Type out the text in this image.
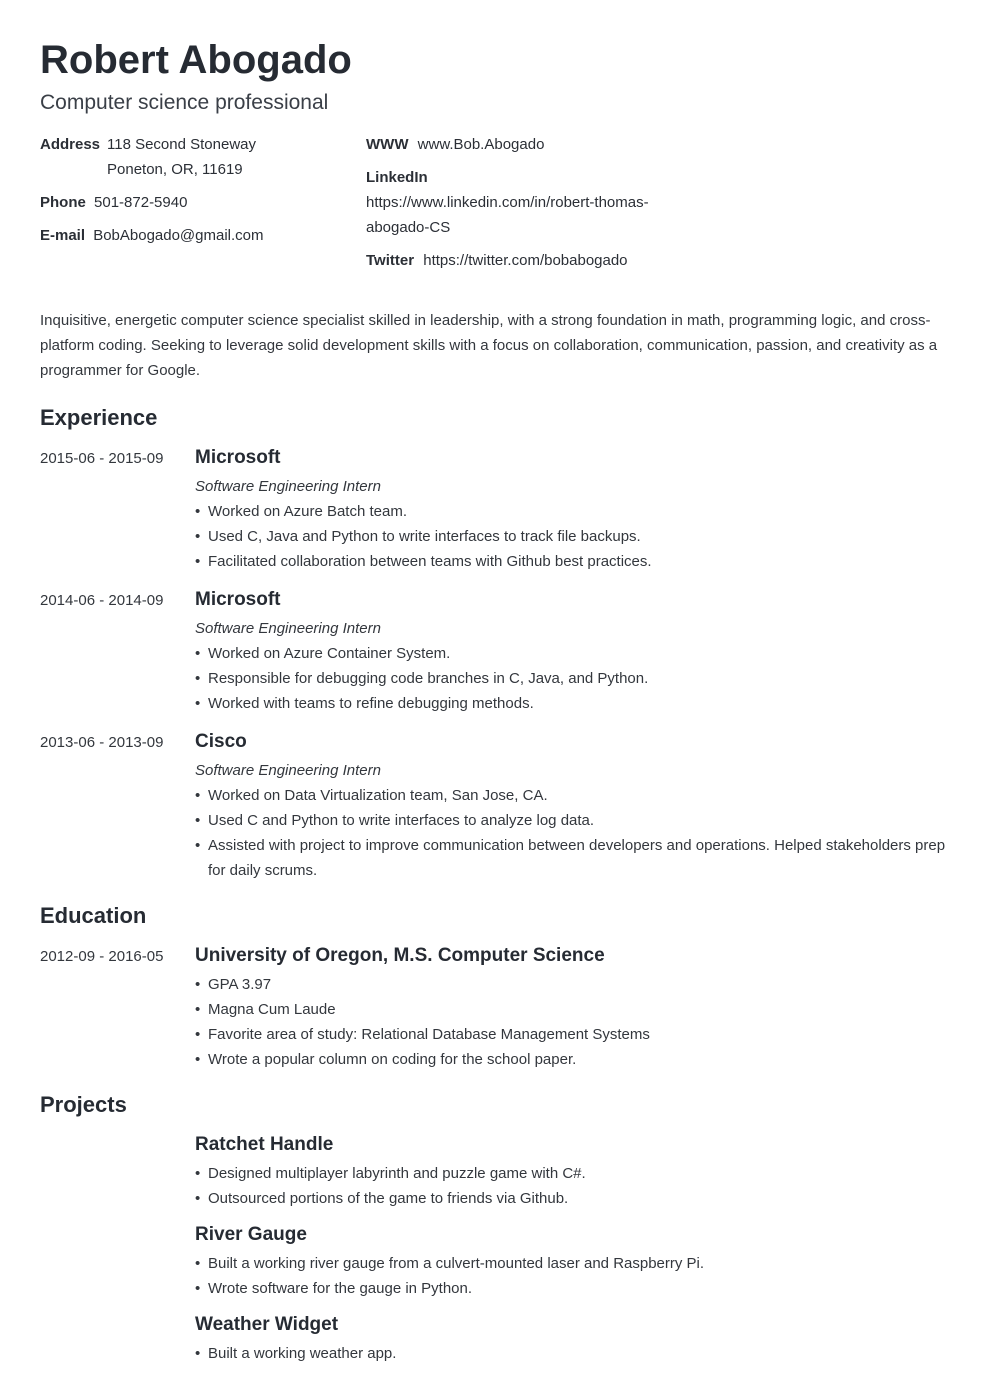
Robert Abogado
Computer science professional
Address 118 Second Stoneway
Poneton, OR, 11619
Phone 501-872-5940
E-mail BobAbogado@gmail.com
WWW www.Bob.Abogado
LinkedIn
https://www.linkedin.com/in/robert-thomas-
abogado-CS
Twitter https://twitter.com/bobabogado
Inquisitive, energetic computer science specialist skilled in leadership, with a strong foundation in math, programming logic, and cross-platform coding. Seeking to leverage solid development skills with a focus on collaboration, communication, passion, and creativity as a programmer for Google.
Experience
2015-06 - 2015-09	Microsoft
Software Engineering Intern
• Worked on Azure Batch team.
• Used C, Java and Python to write interfaces to track file backups.
• Facilitated collaboration between teams with Github best practices.
2014-06 - 2014-09	Microsoft
Software Engineering Intern
• Worked on Azure Container System.
• Responsible for debugging code branches in C, Java, and Python.
• Worked with teams to refine debugging methods.
2013-06 - 2013-09	Cisco
Software Engineering Intern
• Worked on Data Virtualization team, San Jose, CA.
• Used C and Python to write interfaces to analyze log data.
• Assisted with project to improve communication between developers and operations. Helped stakeholders prep for daily scrums.
Education
2012-09 - 2016-05	University of Oregon, M.S. Computer Science
• GPA 3.97
• Magna Cum Laude
• Favorite area of study: Relational Database Management Systems
• Wrote a popular column on coding for the school paper.
Projects
Ratchet Handle
• Designed multiplayer labyrinth and puzzle game with C#.
• Outsourced portions of the game to friends via Github.
River Gauge
• Built a working river gauge from a culvert-mounted laser and Raspberry Pi.
• Wrote software for the gauge in Python.
Weather Widget
• Built a working weather app.
